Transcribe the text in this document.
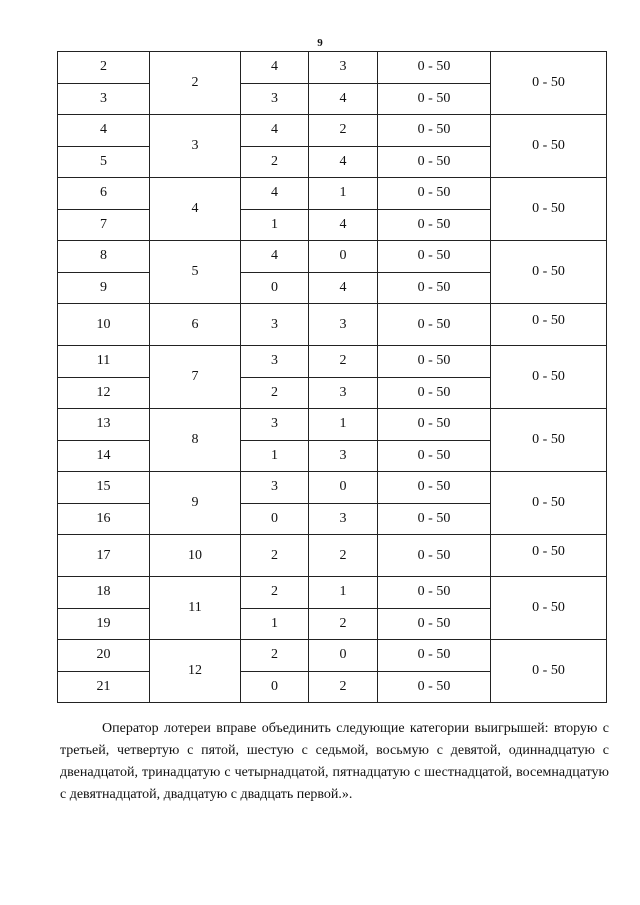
9
2	2	4	3	0 - 50	0 - 50
3		3	4	0 - 50	
4	3	4	2	0 - 50	0 - 50
5		2	4	0 - 50	
6	4	4	1	0 - 50	0 - 50
7		1	4	0 - 50	
8	5	4	0	0 - 50	0 - 50
9		0	4	0 - 50	
10	6	3	3	0 - 50	0 - 50
11	7	3	2	0 - 50	0 - 50
12		2	3	0 - 50	
13	8	3	1	0 - 50	0 - 50
14		1	3	0 - 50	
15	9	3	0	0 - 50	0 - 50
16		0	3	0 - 50	
17	10	2	2	0 - 50	0 - 50
18	11	2	1	0 - 50	0 - 50
19		1	2	0 - 50	
20	12	2	0	0 - 50	0 - 50
21		0	2	0 - 50	
Оператор лотереи вправе объединить следующие категории выигрышей: вторую с третьей, четвертую с пятой, шестую с седьмой, восьмую с девятой, одиннадцатую с двенадцатой, тринадцатую с четырнадцатой, пятнадцатую с шестнадцатой, восемнадцатую с девятнадцатой, двадцатую с двадцать первой.».
